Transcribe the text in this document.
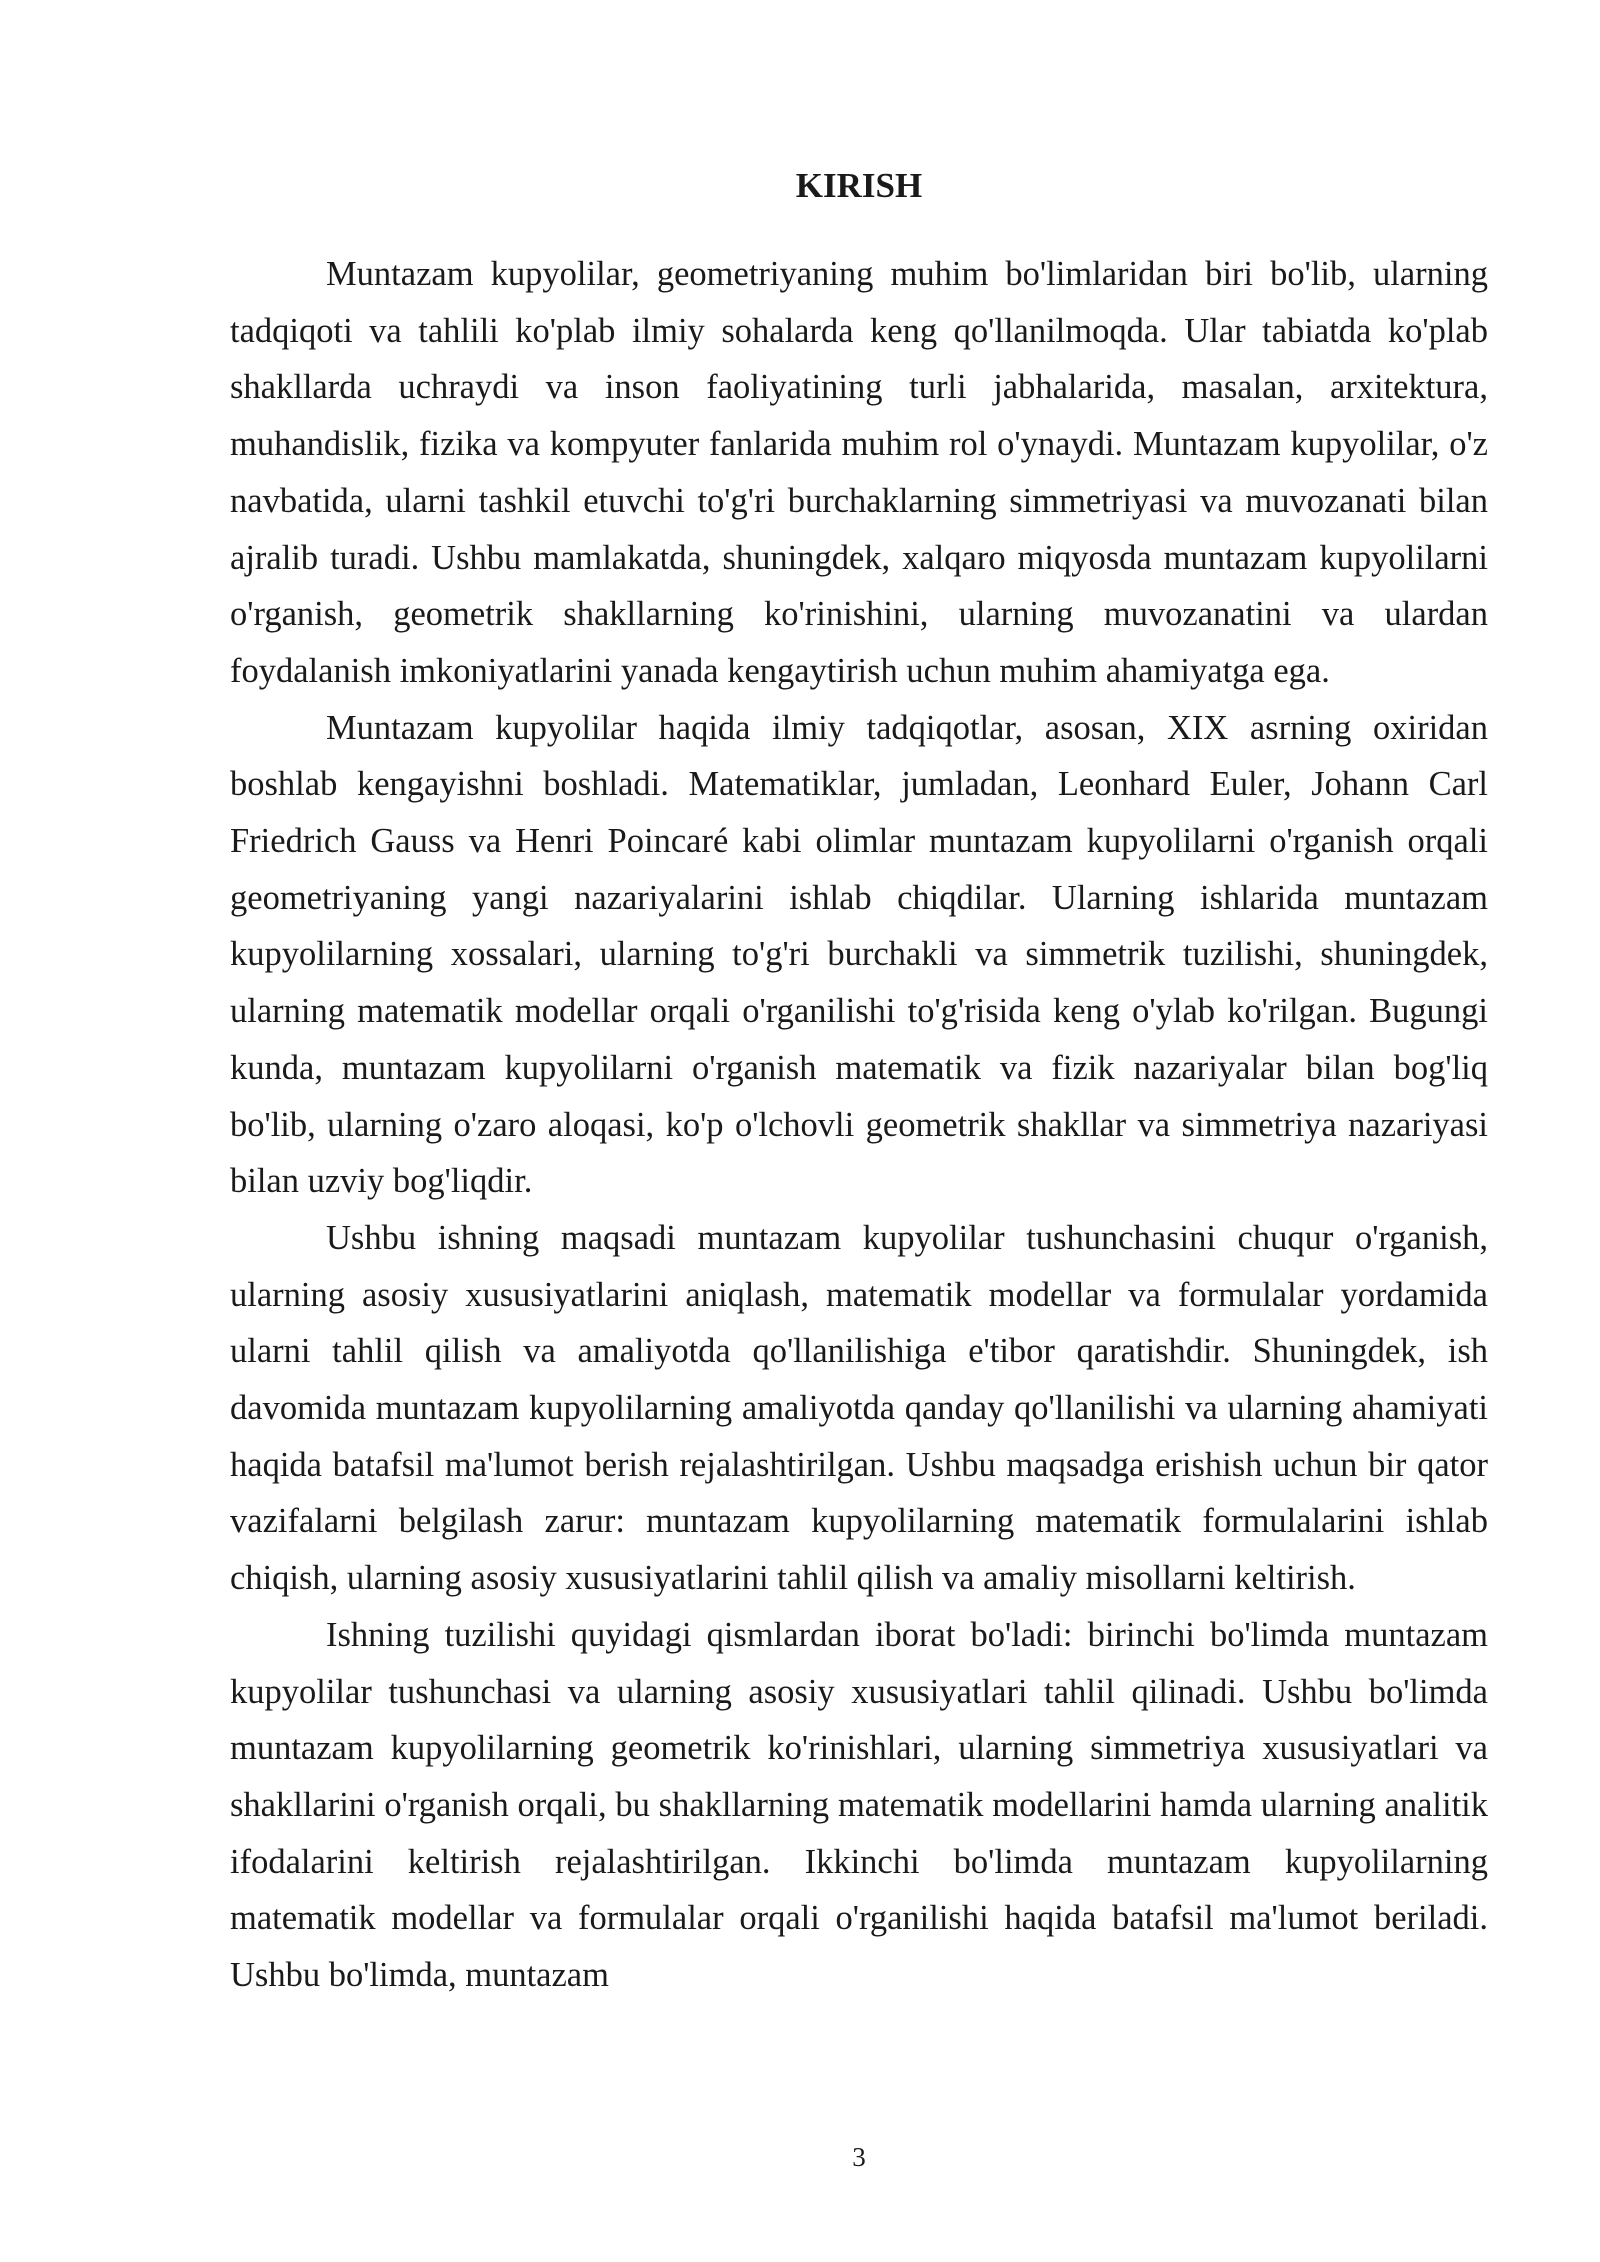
KIRISH

Muntazam kupyolilar, geometriyaning muhim bo'limlaridan biri bo'lib, ularning tadqiqoti va tahlili ko'plab ilmiy sohalarda keng qo'llanilmoqda. Ular tabiatda ko'plab shakllarda uchraydi va inson faoliyatining turli jabhalarida, masalan, arxitektura, muhandislik, fizika va kompyuter fanlarida muhim rol o'ynaydi. Muntazam kupyolilar, o'z navbatida, ularni tashkil etuvchi to'g'ri burchaklarning simmetriyasi va muvozanati bilan ajralib turadi. Ushbu mamlakatda, shuningdek, xalqaro miqyosda muntazam kupyolilarni o'rganish, geometrik shakllarning ko'rinishini, ularning muvozanatini va ulardan foydalanish imkoniyatlarini yanada kengaytirish uchun muhim ahamiyatga ega.

Muntazam kupyolilar haqida ilmiy tadqiqotlar, asosan, XIX asrning oxiridan boshlab kengayishni boshladi. Matematiklar, jumladan, Leonhard Euler, Johann Carl Friedrich Gauss va Henri Poincaré kabi olimlar muntazam kupyolilarni o'rganish orqali geometriyaning yangi nazariyalarini ishlab chiqdilar. Ularning ishlarida muntazam kupyolilarning xossalari, ularning to'g'ri burchakli va simmetrik tuzilishi, shuningdek, ularning matematik modellar orqali o'rganilishi to'g'risida keng o'ylab ko'rilgan. Bugungi kunda, muntazam kupyolilarni o'rganish matematik va fizik nazariyalar bilan bog'liq bo'lib, ularning o'zaro aloqasi, ko'p o'lchovli geometrik shakllar va simmetriya nazariyasi bilan uzviy bog'liqdir.

Ushbu ishning maqsadi muntazam kupyolilar tushunchasini chuqur o'rganish, ularning asosiy xususiyatlarini aniqlash, matematik modellar va formulalar yordamida ularni tahlil qilish va amaliyotda qo'llanilishiga e'tibor qaratishdir. Shuningdek, ish davomida muntazam kupyolilarning amaliyotda qanday qo'llanilishi va ularning ahamiyati haqida batafsil ma'lumot berish rejalashtirilgan. Ushbu maqsadga erishish uchun bir qator vazifalarni belgilash zarur: muntazam kupyolilarning matematik formulalarini ishlab chiqish, ularning asosiy xususiyatlarini tahlil qilish va amaliy misollarni keltirish.

Ishning tuzilishi quyidagi qismlardan iborat bo'ladi: birinchi bo'limda muntazam kupyolilar tushunchasi va ularning asosiy xususiyatlari tahlil qilinadi. Ushbu bo'limda muntazam kupyolilarning geometrik ko'rinishlari, ularning simmetriya xususiyatlari va shakllarini o'rganish orqali, bu shakllarning matematik modellarini hamda ularning analitik ifodalarini keltirish rejalashtirilgan. Ikkinchi bo'limda muntazam kupyolilarning matematik modellar va formulalar orqali o'rganilishi haqida batafsil ma'lumot beriladi. Ushbu bo'limda, muntazam

3
